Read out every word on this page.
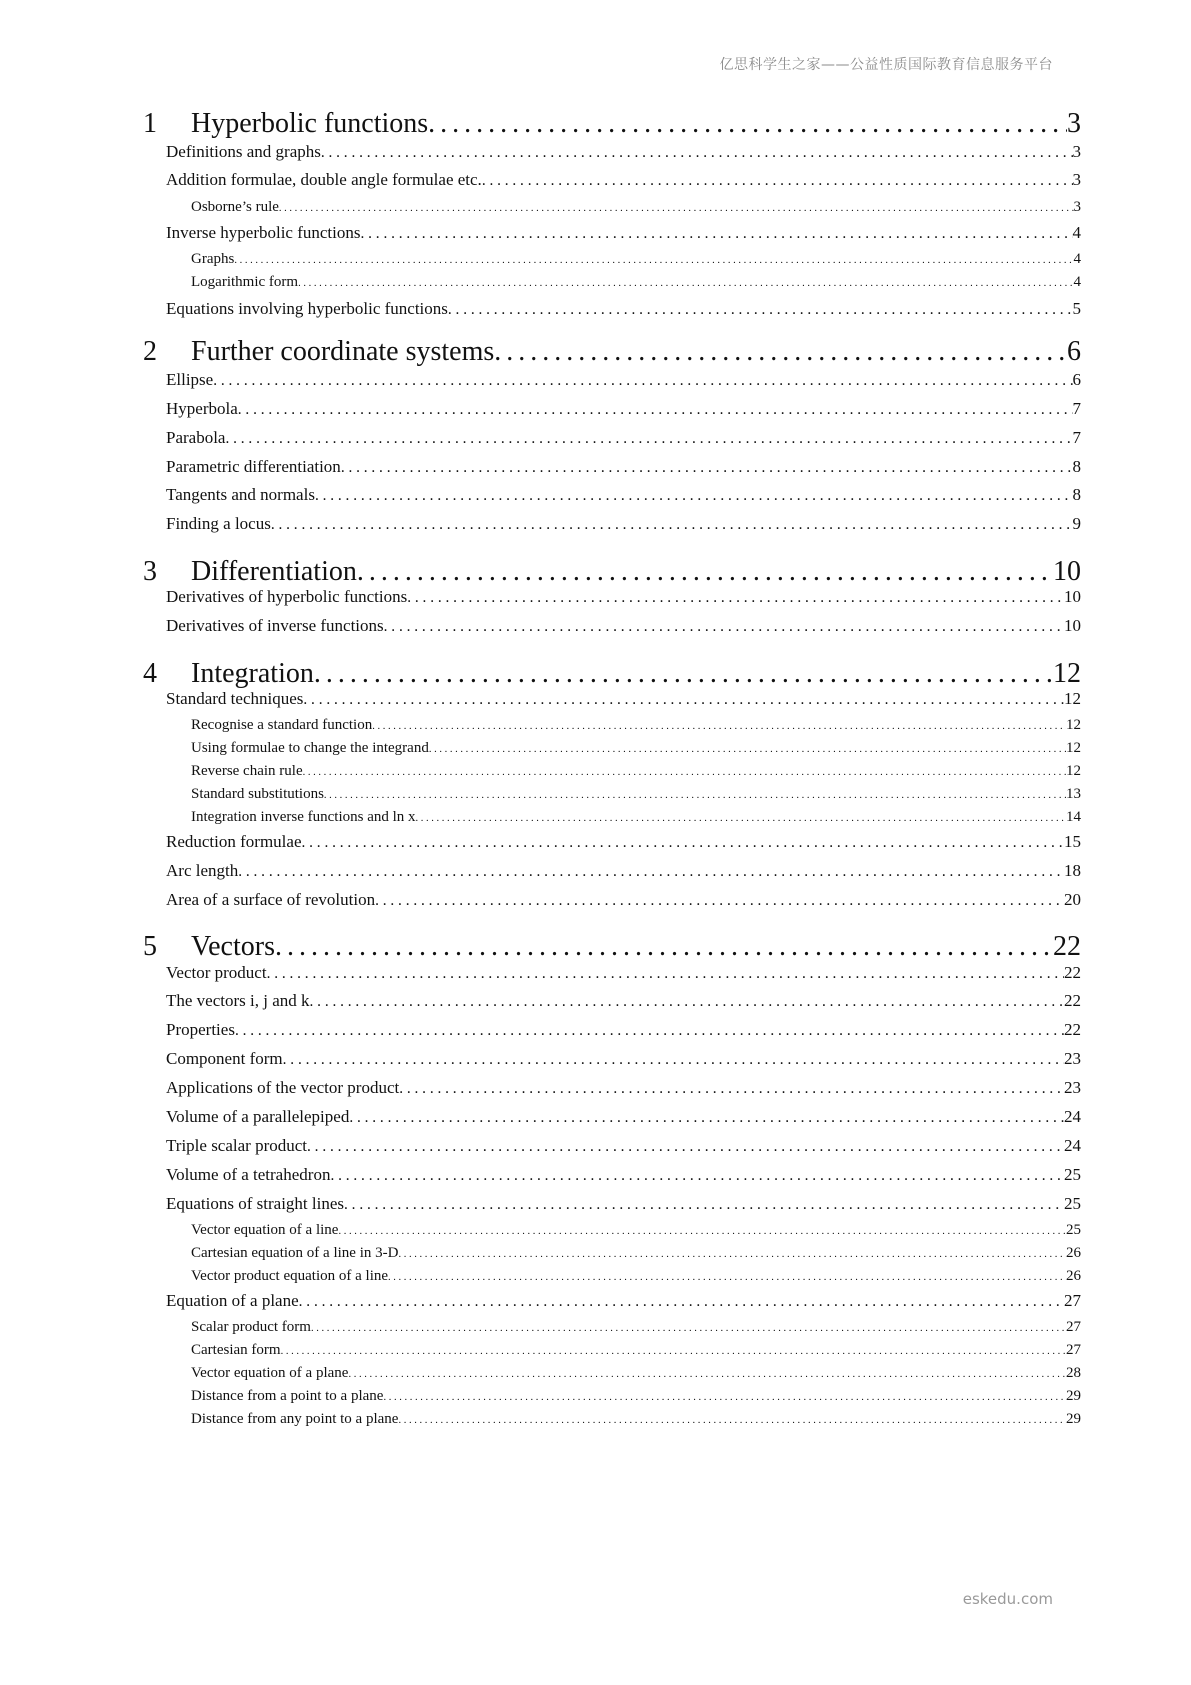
亿思科学生之家——公益性质国际教育信息服务平台
1	Hyperbolic functions . . .	3
Definitions and graphs . . .	3
Addition formulae, double angle formulae etc. . . .	3
Osborne’s rule . . .	3
Inverse hyperbolic functions . . .	4
Graphs . . .	4
Logarithmic form . . .	4
Equations involving hyperbolic functions . . .	5
2	Further coordinate systems . . .	6
Ellipse . . .	6
Hyperbola . . .	7
Parabola . . .	7
Parametric differentiation . . .	8
Tangents and normals . . .	8
Finding a locus . . .	9
3	Differentiation . . .	10
Derivatives of hyperbolic functions . . .	10
Derivatives of inverse functions . . .	10
4	Integration . . .	12
Standard techniques . . .	12
Recognise a standard function . . .	12
Using formulae to change the integrand . . .	12
Reverse chain rule . . .	12
Standard substitutions . . .	13
Integration inverse functions and ln x . . .	14
Reduction formulae . . .	15
Arc length . . .	18
Area of a surface of revolution . . .	20
5	Vectors . . .	22
Vector product . . .	22
The vectors i, j and k . . .	22
Properties . . .	22
Component form . . .	23
Applications of the vector product . . .	23
Volume of a parallelepiped . . .	24
Triple scalar product . . .	24
Volume of a tetrahedron . . .	25
Equations of straight lines . . .	25
Vector equation of a line . . .	25
Cartesian equation of a line in 3-D . . .	26
Vector product equation of a line . . .	26
Equation of a plane . . .	27
Scalar product form . . .	27
Cartesian form . . .	27
Vector equation of a plane . . .	28
Distance from a point to a plane . . .	29
Distance from any point to a plane . . .	29
eskedu.com
